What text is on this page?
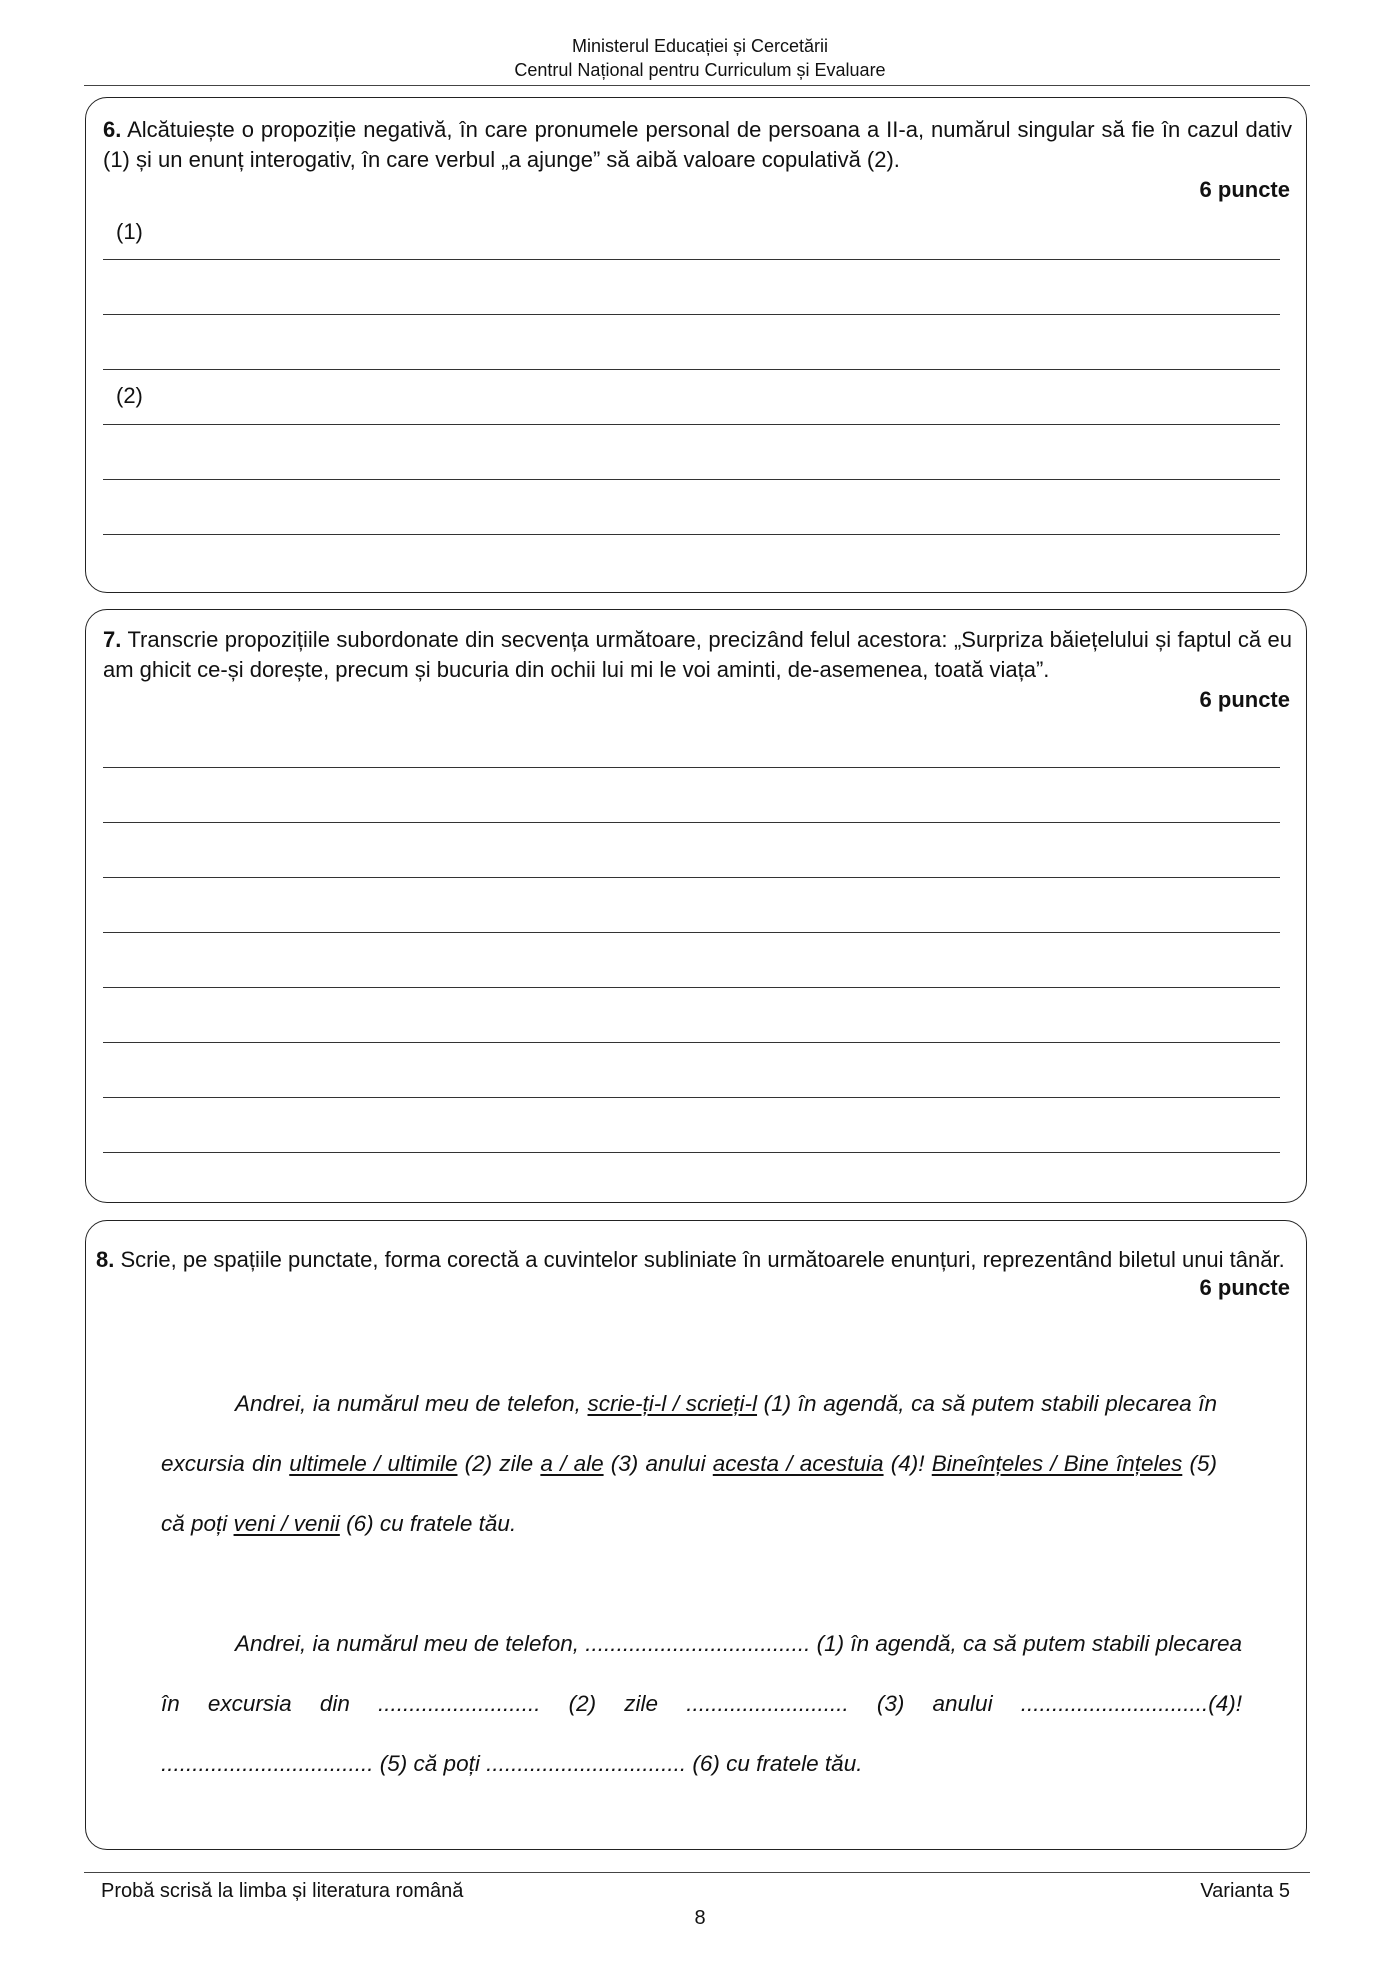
Ministerul Educației și Cercetării
Centrul Național pentru Curriculum și Evaluare
6. Alcătuiește o propoziție negativă, în care pronumele personal de persoana a II-a, numărul singular să fie în cazul dativ (1) și un enunț interogativ, în care verbul „a ajunge” să aibă valoare copulativă (2).
6 puncte
(1)
(2)
7. Transcrie propozițiile subordonate din secvența următoare, precizând felul acestora: „Surpriza băiețelului și faptul că eu am ghicit ce-și dorește, precum și bucuria din ochii lui mi le voi aminti, de-asemenea, toată viața”.
6 puncte
8. Scrie, pe spațiile punctate, forma corectă a cuvintelor subliniate în următoarele enunțuri, reprezentând biletul unui tânăr.
6 puncte
Andrei, ia numărul meu de telefon, scrie-ți-l / scrieți-l (1) în agendă, ca să putem stabili plecarea în excursia din ultimele / ultimile (2) zile a / ale (3) anului acesta / acestuia (4)! Bineînțeles / Bine înțeles (5) că poți veni / venii (6) cu fratele tău.
Andrei, ia numărul meu de telefon, .................................... (1) în agendă, ca să putem stabili plecarea în excursia din .......................... (2) zile .......................... (3) anului ..............................(4)! .................................. (5) că poți ................................ (6) cu fratele tău.
Probă scrisă la limba și literatura română	Varianta 5
8
